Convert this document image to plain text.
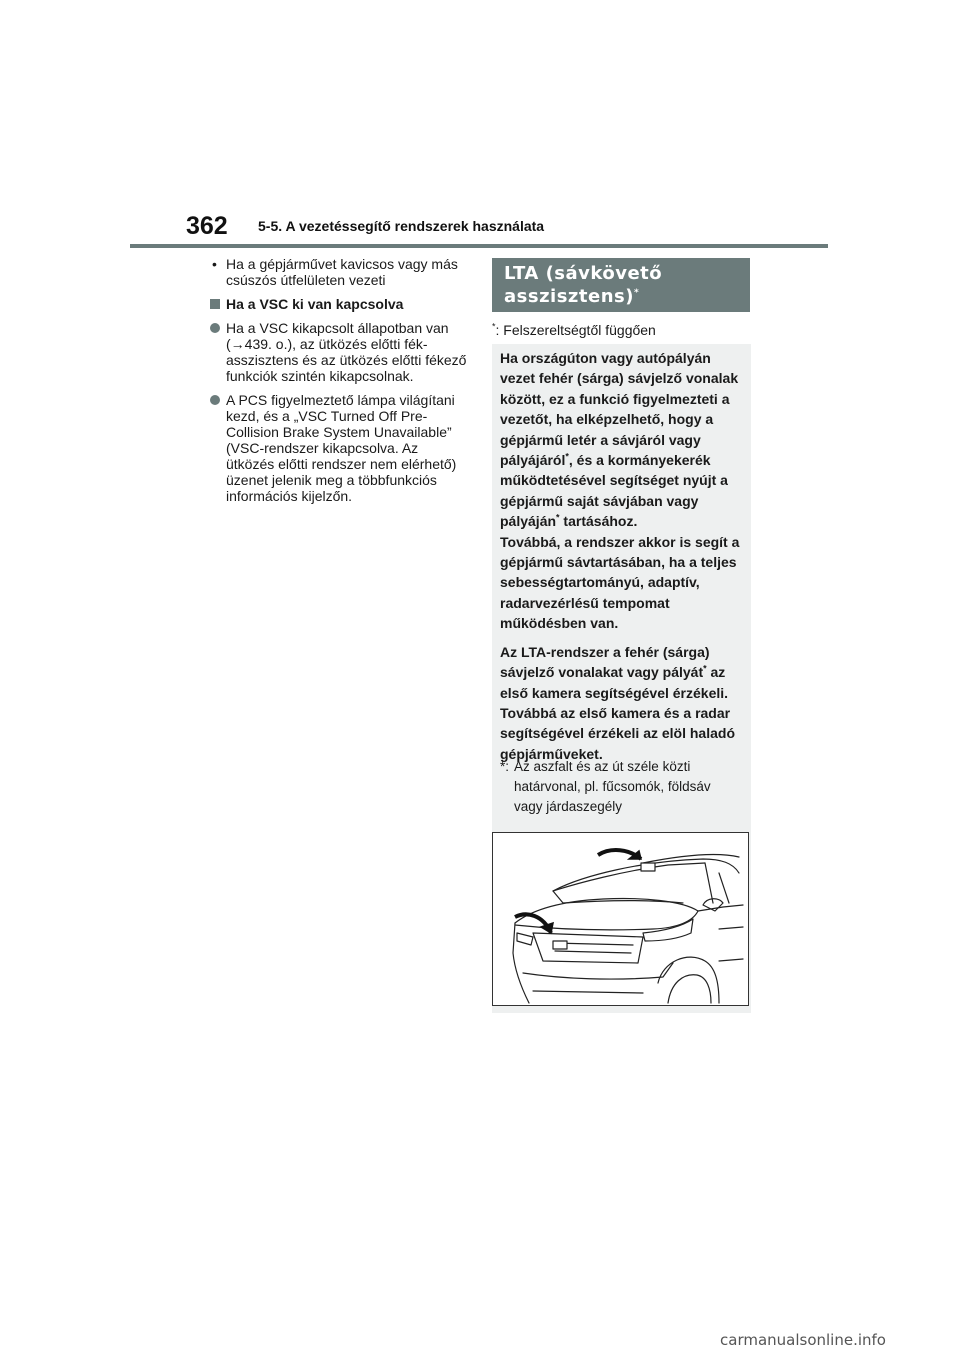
362 5-5. A vezetéssegítő rendszerek használata
• Ha a gépjárművet kavicsos vagy más csúszós útfelületen vezeti
Ha a VSC ki van kapcsolva
Ha a VSC kikapcsolt állapotban van (→439. o.), az ütközés előtti fék-asszisztens és az ütközés előtti fékező funkciók szintén kikapcsolnak.
A PCS figyelmeztető lámpa világítani kezd, és a „VSC Turned Off Pre-Collision Brake System Unavailable” (VSC-rendszer kikapcsolva. Az ütközés előtti rendszer nem elérhető) üzenet jelenik meg a többfunkciós információs kijelzőn.
LTA (sávkövető asszisztens)*
*: Felszereltségtől függően

Ha országúton vagy autópályán vezet fehér (sárga) sávjelző vonalak között, ez a funkció figyelmezteti a vezetőt, ha elképzelhető, hogy a gépjármű letér a sávjáról vagy pályájáról*, és a kormányekerék működtetésével segítséget nyújt a gépjármű saját sávjában vagy pályáján* tartásához.
Továbbá, a rendszer akkor is segít a gépjármű sávtartásában, ha a teljes sebességtartományú, adaptív, radarvezérlésű tempomat működésben van.

Az LTA-rendszer a fehér (sárga) sávjelző vonalakat vagy pályát* az első kamera segítségével érzékeli. Továbbá az első kamera és a radar segítségével érzékeli az elöl haladó gépjárműveket.

*: Az aszfalt és az út széle közti határvonal, pl. fűcsomók, földsáv vagy járdaszegély
carmanualsonline.info
